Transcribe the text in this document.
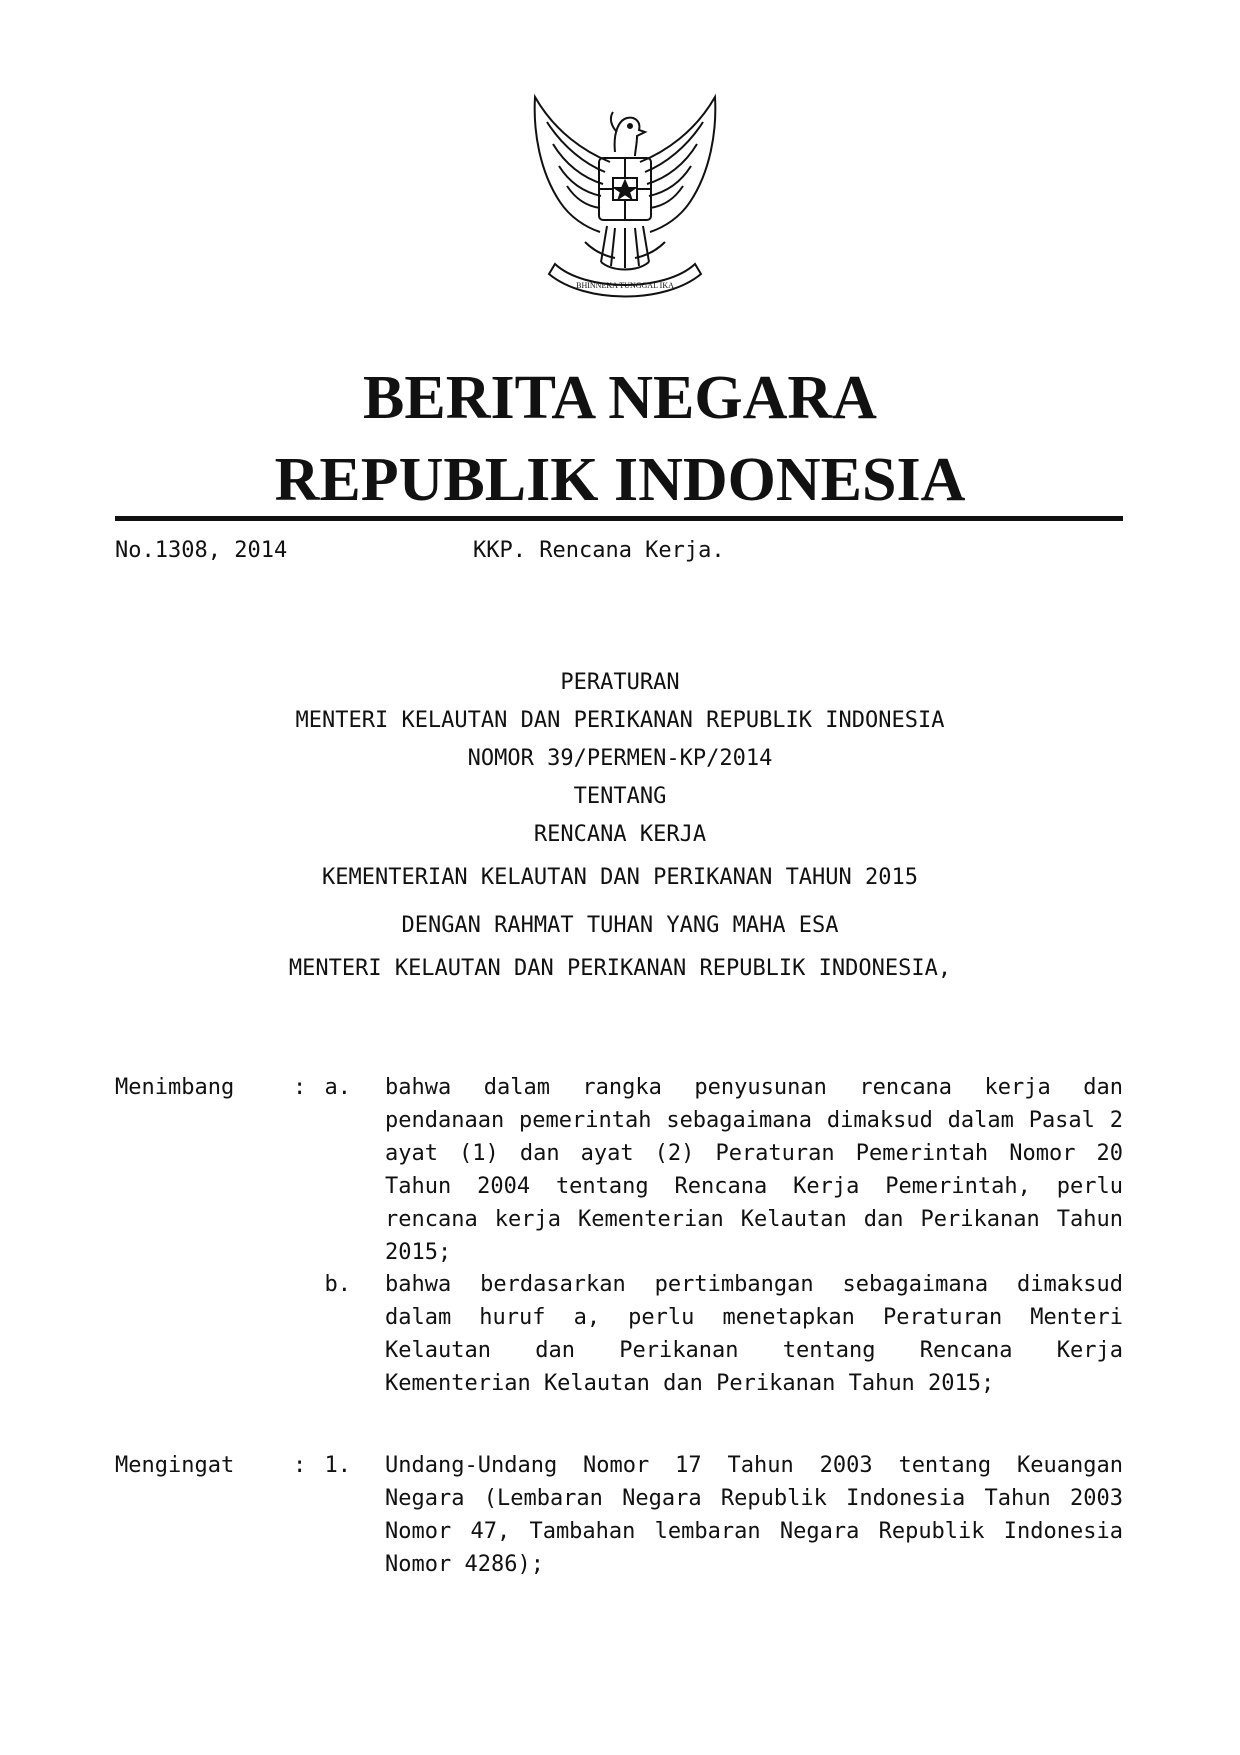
BHINNEKA TUNGGAL IKA
BERITA NEGARA
REPUBLIK INDONESIA
No.1308, 2014	KKP. Rencana Kerja.
PERATURAN
MENTERI KELAUTAN DAN PERIKANAN REPUBLIK INDONESIA
NOMOR 39/PERMEN-KP/2014
TENTANG
RENCANA KERJA
KEMENTERIAN KELAUTAN DAN PERIKANAN TAHUN 2015
DENGAN RAHMAT TUHAN YANG MAHA ESA
MENTERI KELAUTAN DAN PERIKANAN REPUBLIK INDONESIA,
Menimbang	: a. bahwa dalam rangka penyusunan rencana kerja dan pendanaan pemerintah sebagaimana dimaksud dalam Pasal 2 ayat (1) dan ayat (2) Peraturan Pemerintah Nomor 20 Tahun 2004 tentang Rencana Kerja Pemerintah, perlu rencana kerja Kementerian Kelautan dan Perikanan Tahun 2015;
b. bahwa berdasarkan pertimbangan sebagaimana dimaksud dalam huruf a, perlu menetapkan Peraturan Menteri Kelautan dan Perikanan tentang Rencana Kerja Kementerian Kelautan dan Perikanan Tahun 2015;
Mengingat	: 1. Undang-Undang Nomor 17 Tahun 2003 tentang Keuangan Negara (Lembaran Negara Republik Indonesia Tahun 2003 Nomor 47, Tambahan lembaran Negara Republik Indonesia Nomor 4286);
